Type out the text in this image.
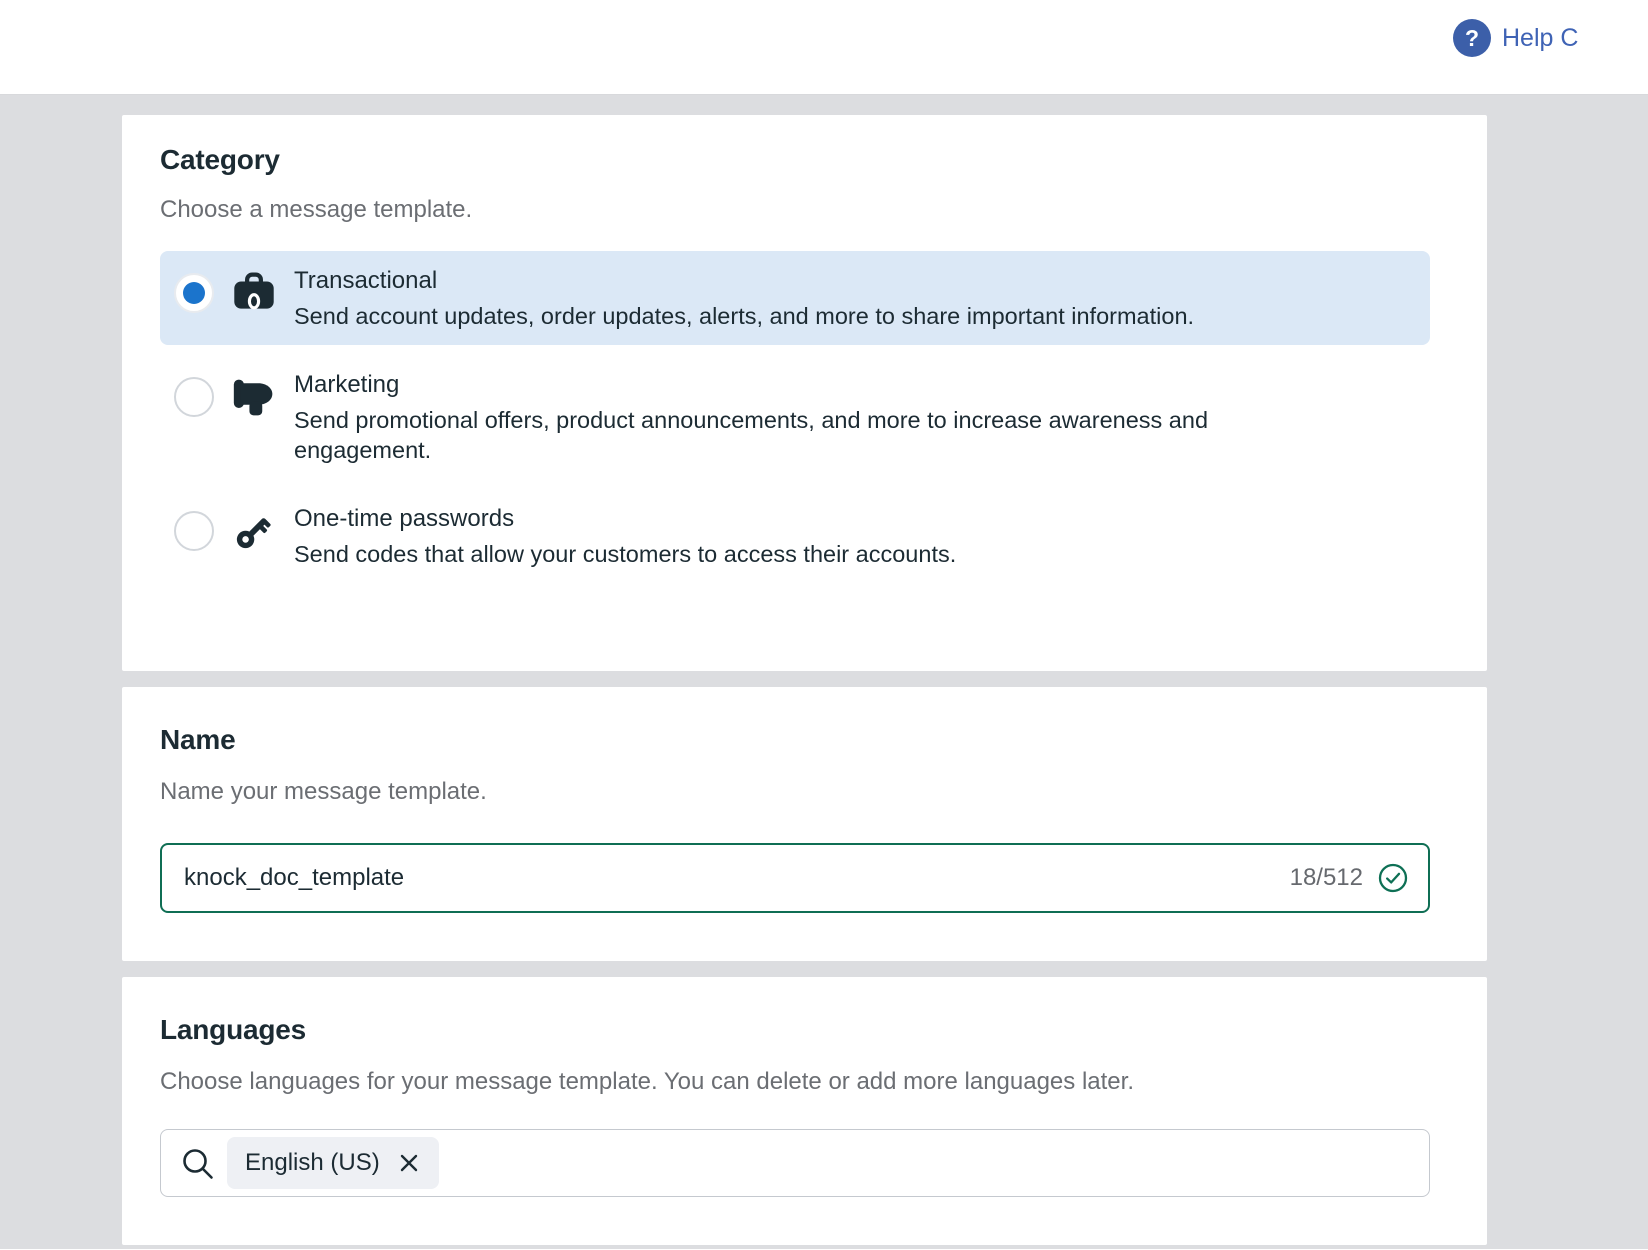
? Help C
Category
Choose a message template.
Transactional
Send account updates, order updates, alerts, and more to share important information.
Marketing
Send promotional offers, product announcements, and more to increase awareness and
engagement.
One-time passwords
Send codes that allow your customers to access their accounts.
Name
Name your message template.
knock_doc_template
18/512
Languages
Choose languages for your message template. You can delete or add more languages later.
English (US)
